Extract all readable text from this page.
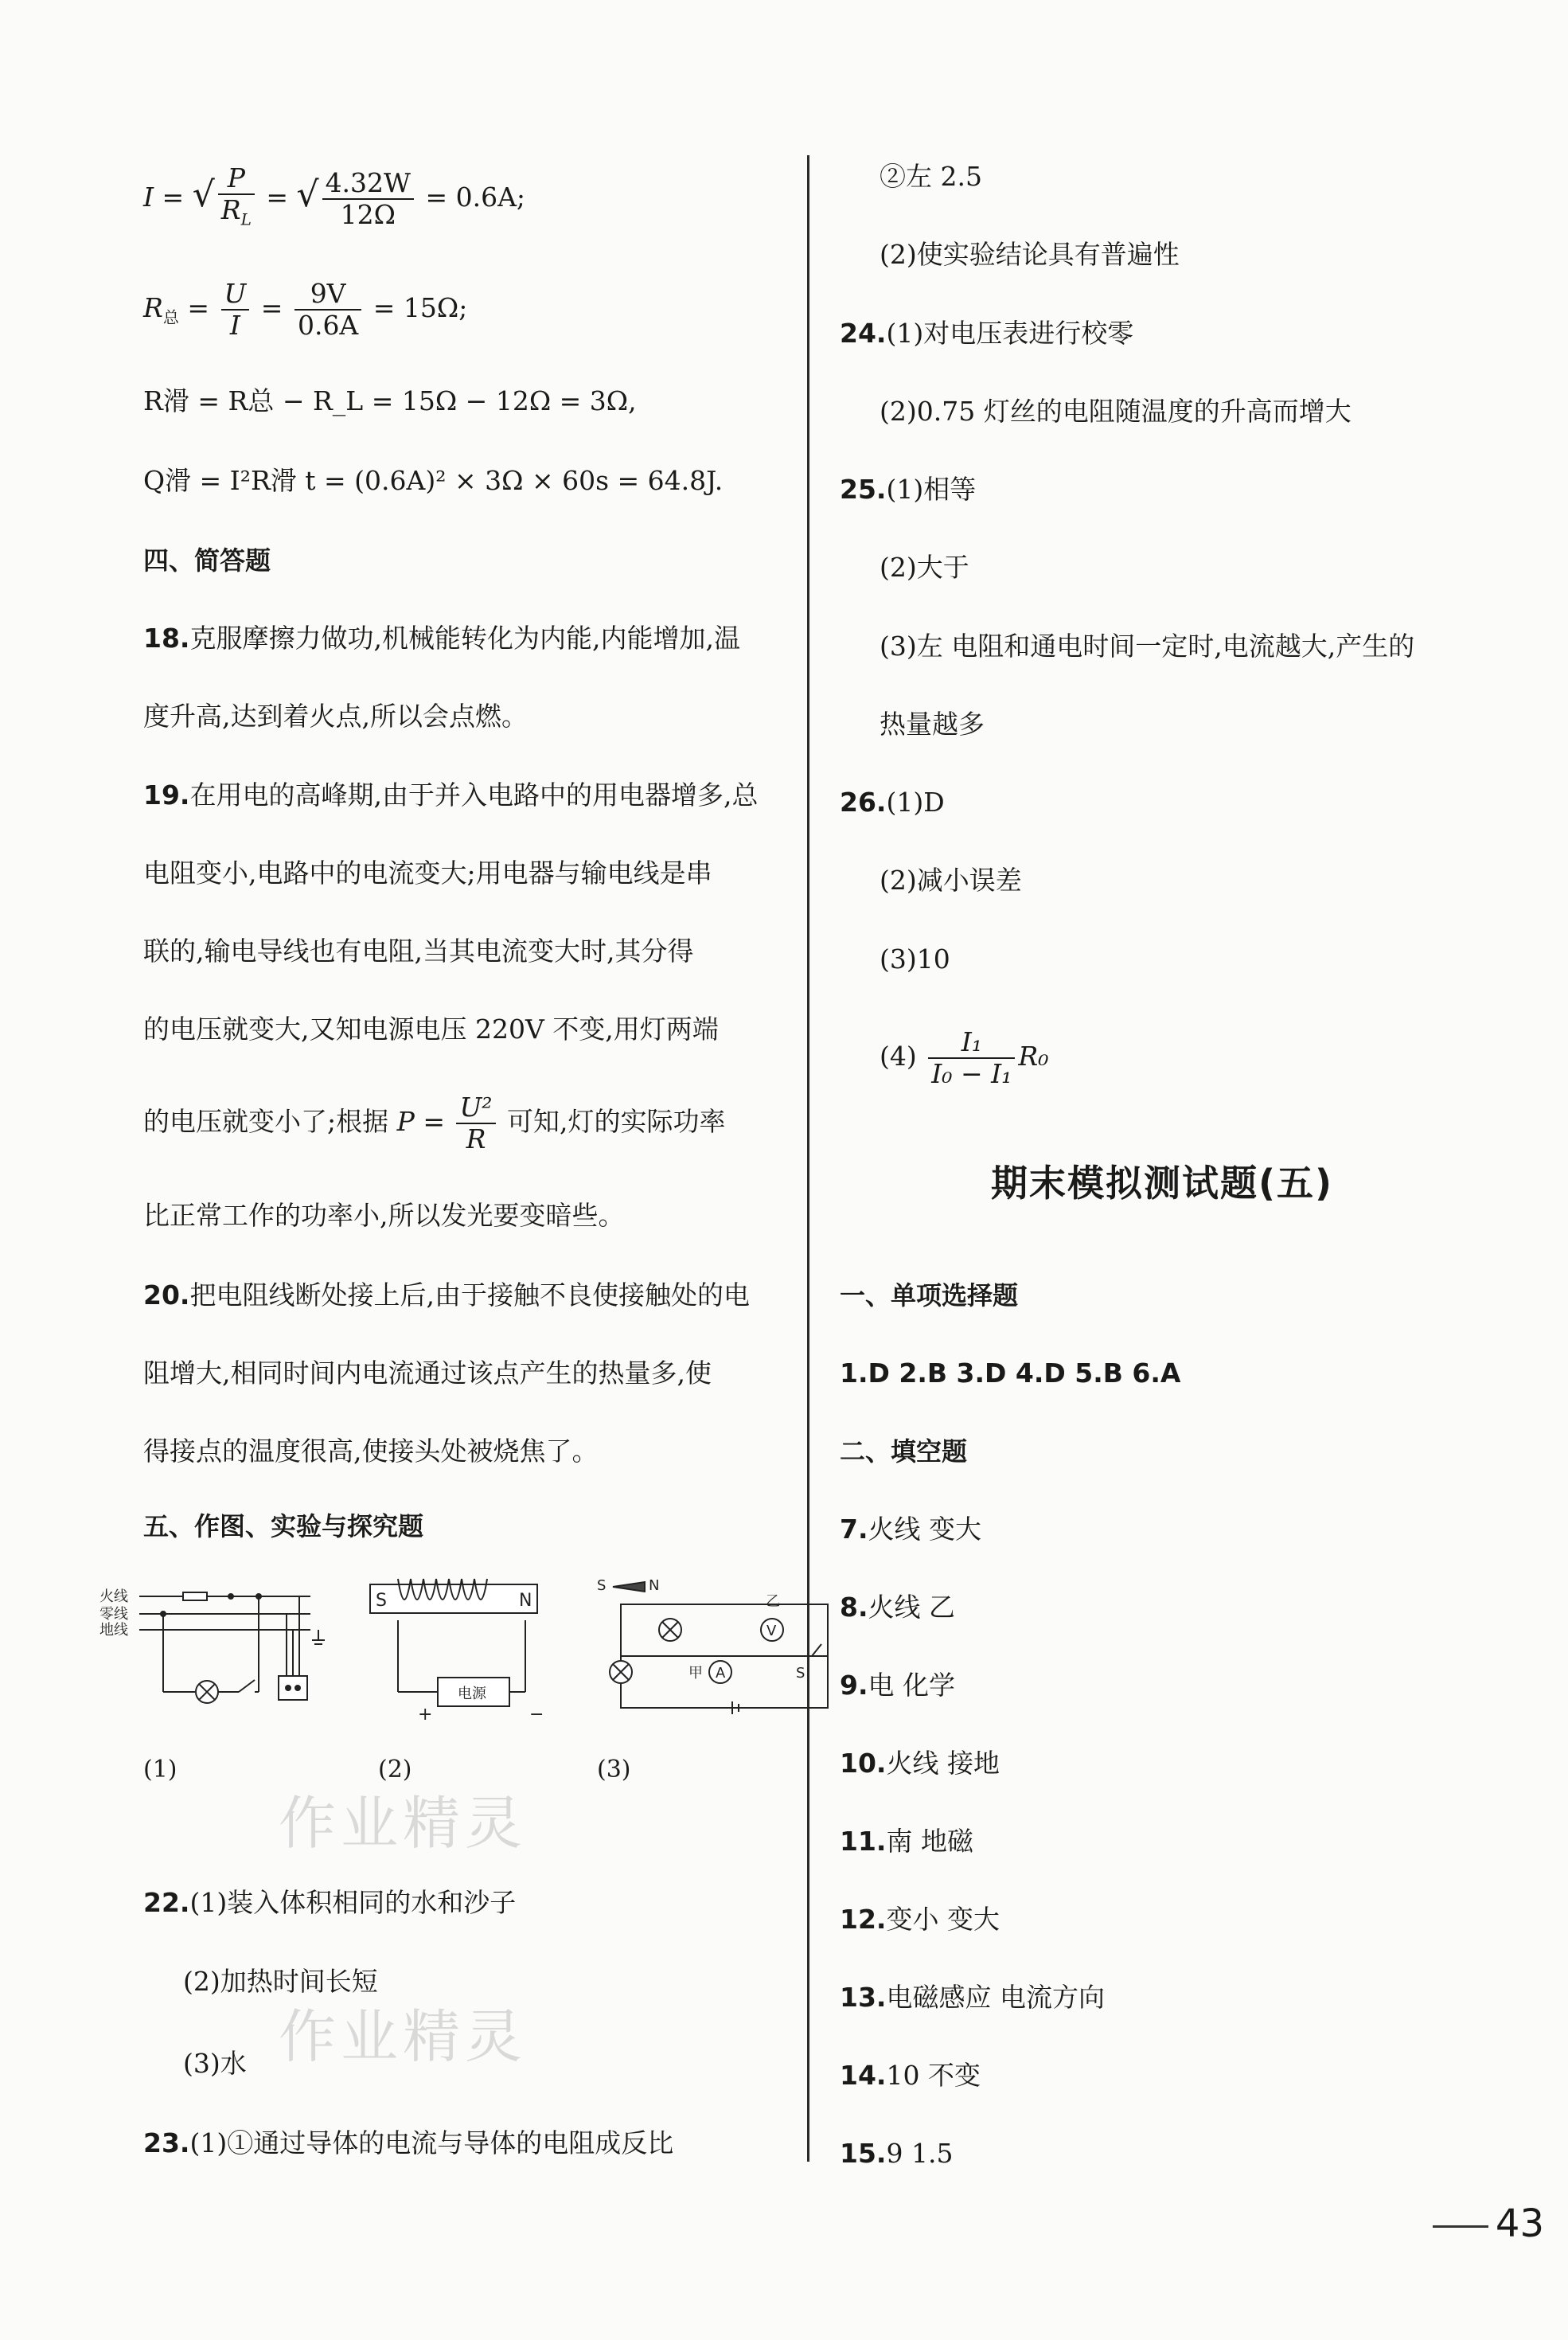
I = √ $\frac{P}{R_L}$ = √ $\frac{4.32W}{12\Omega} = 0.6A$;
$R_总 = \frac{U}{I} = \frac{9V}{0.6A} = 15\Omega$;
R滑 = R总 − R_L = 15Ω − 12Ω = 3Ω,
Q滑 = I²R滑 t = (0.6A)² × 3Ω × 60s = 64.8J.
四、简答题
18.克服摩擦力做功,机械能转化为内能,内能增加,温
度升高,达到着火点,所以会点燃。
19.在用电的高峰期,由于并入电路中的用电器增多,总
电阻变小,电路中的电流变大;用电器与输电线是串
联的,输电导线也有电阻,当其电流变大时,其分得
的电压就变大,又知电源电压 220V 不变,用灯两端
的电压就变小了;根据 $P = \frac{\text{U²}}{R}$ 可知,灯的实际功率
比正常工作的功率小,所以发光要变暗些。
20.把电阻线断处接上后,由于接触不良使接触处的电
阻增大,相同时间内电流通过该点产生的热量多,使
得接点的温度很高,使接头处被烧焦了。
五、作图、实验与探究题
火线
零线
地线
S	N
电源
+	−
S	N
乙
V
甲 A	S
(1)	(2)	(3)
作业精灵
22.(1)装入体积相同的水和沙子
(2)加热时间长短
作业精灵
(3)水
23.(1)①通过导体的电流与导体的电阻成反比
②左 2.5
(2)使实验结论具有普遍性
24.(1)对电压表进行校零
(2)0.75 灯丝的电阻随温度的升高而增大
25.(1)相等
(2)大于
(3)左 电阻和通电时间一定时,电流越大,产生的
热量越多
26.(1)D
(2)减小误差
(3)10
$(4) \frac{\text{I₁}}{\text{I₀ − I₁}} R_0$
期末模拟测试题(五)
一、单项选择题
1.D 2.B 3.D 4.D 5.B 6.A
二、填空题
7.火线 变大
8.火线 乙
9.电 化学
10.火线 接地
11.南 地磁
12.变小 变大
13.电磁感应 电流方向
14.10 不变
15.9 1.5
43
